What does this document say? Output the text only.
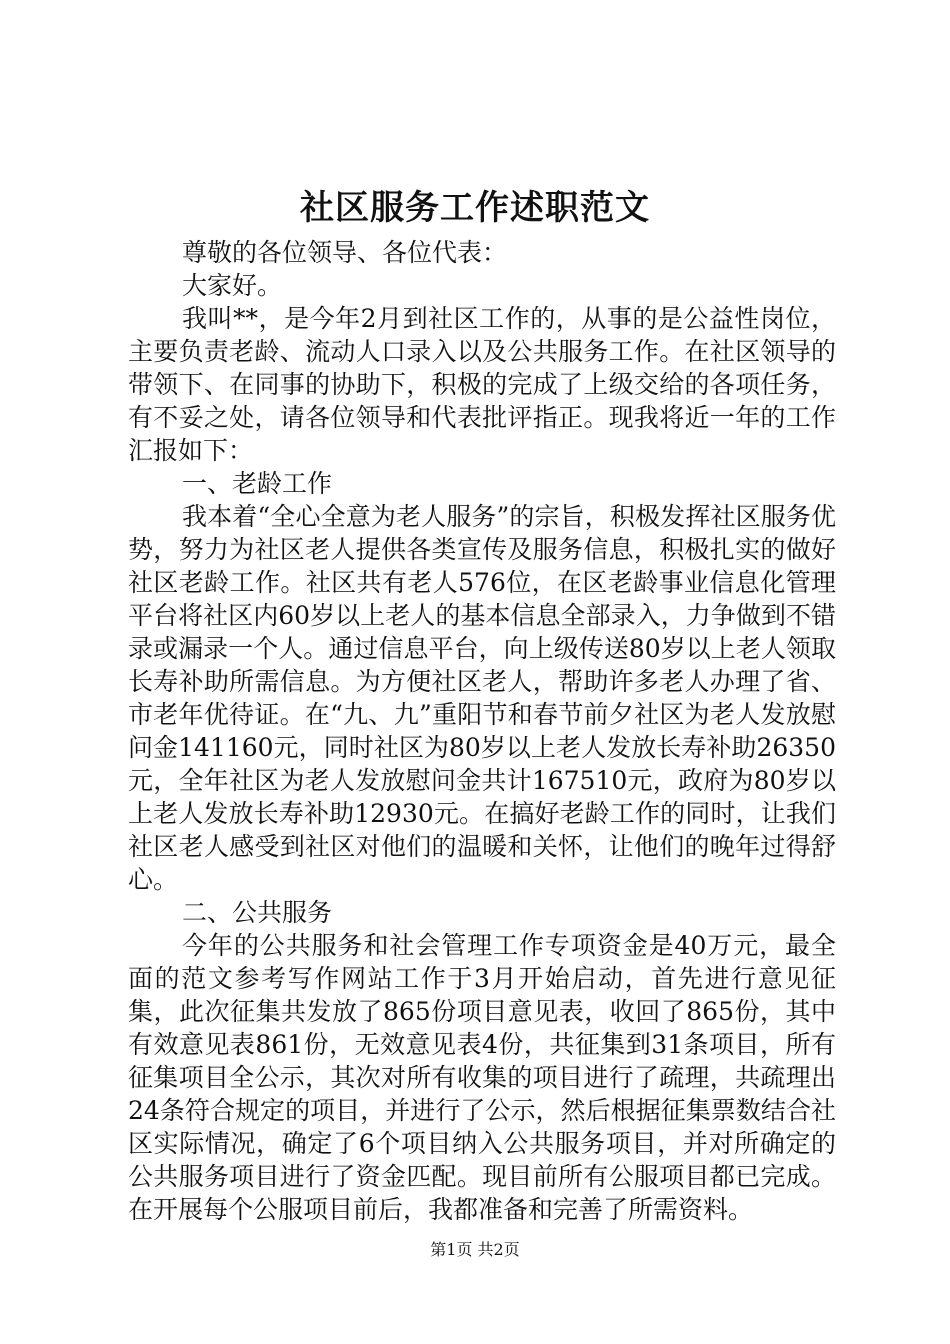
社区服务工作述职范文

尊敬的各位领导、各位代表：

大家好。

我叫**，是今年2月到社区工作的，从事的是公益性岗位，主要负责老龄、流动人口录入以及公共服务工作。在社区领导的带领下、在同事的协助下，积极的完成了上级交给的各项任务，有不妥之处，请各位领导和代表批评指正。现我将近一年的工作汇报如下：

一、老龄工作

我本着“全心全意为老人服务”的宗旨，积极发挥社区服务优势，努力为社区老人提供各类宣传及服务信息，积极扎实的做好社区老龄工作。社区共有老人576位，在区老龄事业信息化管理平台将社区内60岁以上老人的基本信息全部录入，力争做到不错录或漏录一个人。通过信息平台，向上级传送80岁以上老人领取长寿补助所需信息。为方便社区老人，帮助许多老人办理了省、市老年优待证。在“九、九”重阳节和春节前夕社区为老人发放慰问金141160元，同时社区为80岁以上老人发放长寿补助26350元，全年社区为老人发放慰问金共计167510元，政府为80岁以上老人发放长寿补助12930元。在搞好老龄工作的同时，让我们社区老人感受到社区对他们的温暖和关怀，让他们的晚年过得舒心。

二、公共服务

今年的公共服务和社会管理工作专项资金是40万元，最全面的范文参考写作网站工作于3月开始启动，首先进行意见征集，此次征集共发放了865份项目意见表，收回了865份，其中有效意见表861份，无效意见表4份，共征集到31条项目，所有征集项目全公示，其次对所有收集的项目进行了疏理，共疏理出24条符合规定的项目，并进行了公示，然后根据征集票数结合社区实际情况，确定了6个项目纳入公共服务项目，并对所确定的公共服务项目进行了资金匹配。现目前所有公服项目都已完成。在开展每个公服项目前后，我都准备和完善了所需资料。

第1页 共2页
